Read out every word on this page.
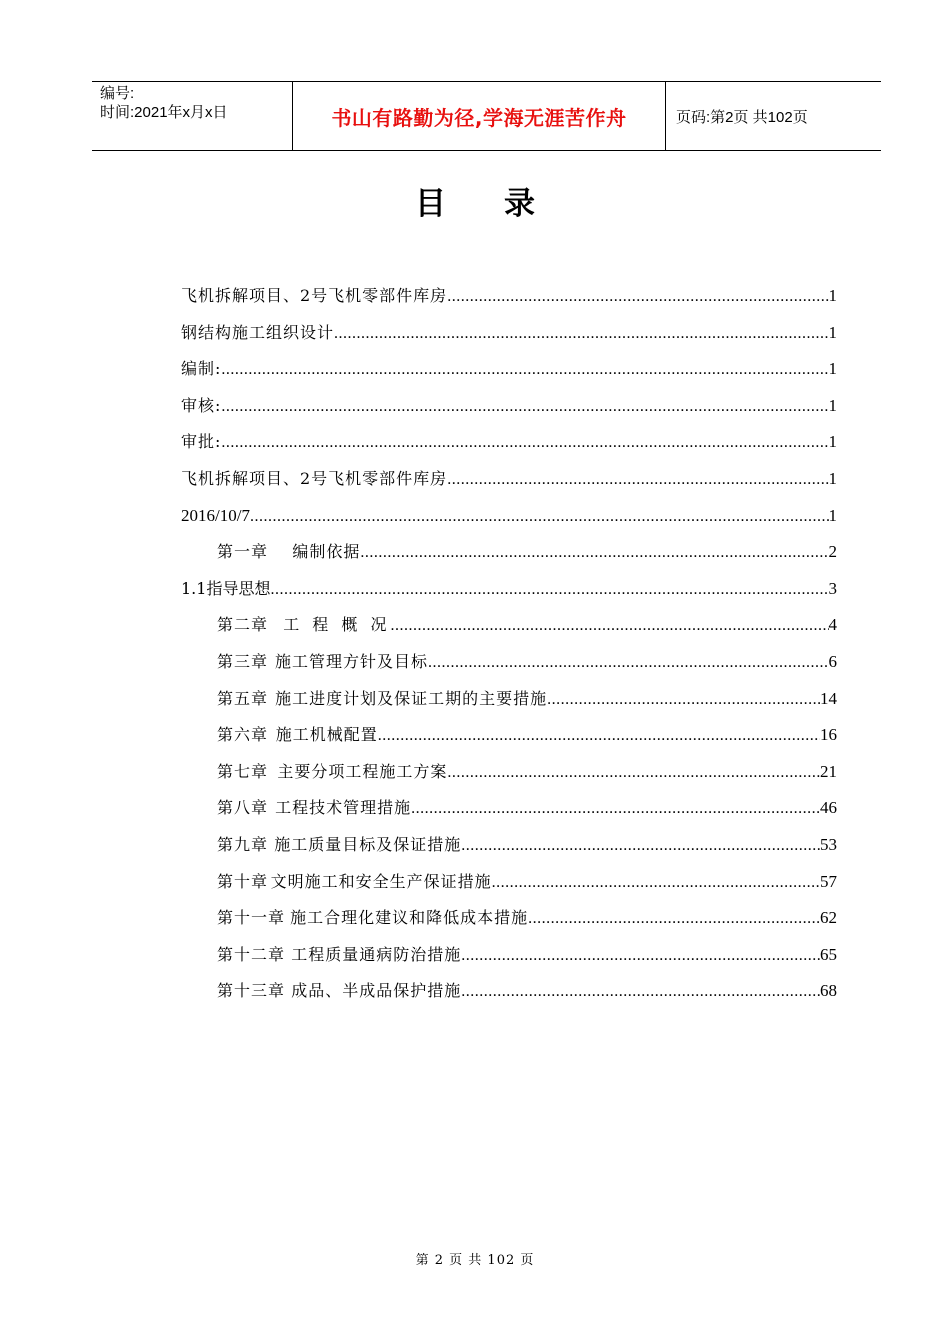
编号:
时间:2021年x月x日	书山有路勤为径,学海无涯苦作舟	页码:第2页 共102页
目 录
飞机拆解项目、2号飞机零部件库房 .....	1
钢结构施工组织设计 .....	1
编制: .....	1
审核: .....	1
审批: .....	1
飞机拆解项目、2号飞机零部件库房 .....	1
2016/10/7 .....	1
第一章 编制依据 .....	2
1.1指导思想 .....	3
第二章 工 程 概 况 .....	4
第三章 施工管理方针及目标 .....	6
第五章 施工进度计划及保证工期的主要措施 .....	14
第六章 施工机械配置 .....	16
第七章 主要分项工程施工方案 .....	21
第八章 工程技术管理措施 .....	46
第九章 施工质量目标及保证措施 .....	53
第十章 文明施工和安全生产保证措施 .....	57
第十一章 施工合理化建议和降低成本措施 .....	62
第十二章 工程质量通病防治措施 .....	65
第十三章 成品、半成品保护措施 .....	68
第 2 页 共 102 页
